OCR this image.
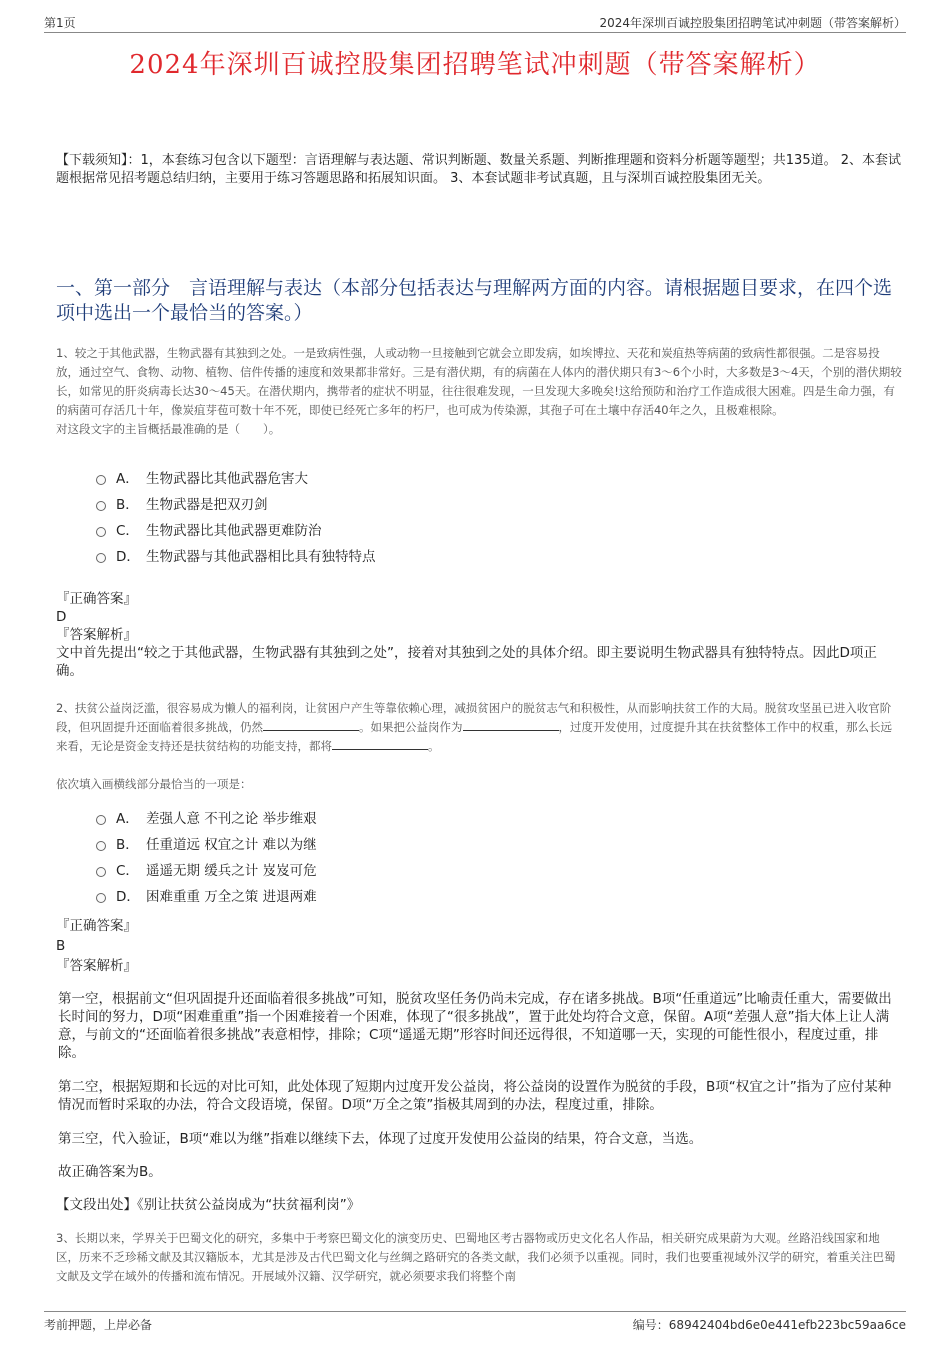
第1页	2024年深圳百诚控股集团招聘笔试冲刺题（带答案解析）
2024年深圳百诚控股集团招聘笔试冲刺题（带答案解析）
【下载须知】：1，本套练习包含以下题型：言语理解与表达题、常识判断题、数量关系题、判断推理题和资料分析题等题型；共135道。 2、本套试题根据常见招考题总结归纳，主要用于练习答题思路和拓展知识面。 3、本套试题非考试真题，且与深圳百诚控股集团无关。
一、第一部分　言语理解与表达（本部分包括表达与理解两方面的内容。请根据题目要求，在四个选项中选出一个最恰当的答案。）
1、较之于其他武器，生物武器有其独到之处。一是致病性强，人或动物一旦接触到它就会立即发病，如埃博拉、天花和炭疽热等病菌的致病性都很强。二是容易投放，通过空气、食物、动物、植物、信件传播的速度和效果都非常好。三是有潜伏期，有的病菌在人体内的潜伏期只有3～6个小时，大多数是3～4天，个别的潜伏期较长，如常见的肝炎病毒长达30～45天。在潜伏期内，携带者的症状不明显，往往很难发现，一旦发现大多晚矣!这给预防和治疗工作造成很大困难。四是生命力强，有的病菌可存活几十年，像炭疽芽苞可数十年不死，即使已经死亡多年的朽尸，也可成为传染源，其孢子可在土壤中存活40年之久，且极难根除。
对这段文字的主旨概括最准确的是（　　）。
A． 生物武器比其他武器危害大
B． 生物武器是把双刃剑
C． 生物武器比其他武器更难防治
D． 生物武器与其他武器相比具有独特特点

『正确答案』

D

『答案解析』

文中首先提出“较之于其他武器，生物武器有其独到之处”，接着对其独到之处的具体介绍。即主要说明生物武器具有独特特点。因此D项正确。

2、扶贫公益岗泛滥，很容易成为懒人的福利岗，让贫困户产生等靠依赖心理，减损贫困户的脱贫志气和积极性，从而影响扶贫工作的大局。脱贫攻坚虽已进入收官阶段，但巩固提升还面临着很多挑战，仍然	。如果把公益岗作为	，过度开发使用，过度提升其在扶贫整体工作中的权重，那么长远来看，无论是资金支持还是扶贫结构的功能支持，都将	。
依次填入画横线部分最恰当的一项是：
A． 差强人意 不刊之论 举步维艰
B． 任重道远 权宜之计 难以为继
C． 遥遥无期 缓兵之计 岌岌可危
D． 困难重重 万全之策 进退两难

『正确答案』

B

『答案解析』

第一空，根据前文“但巩固提升还面临着很多挑战”可知，脱贫攻坚任务仍尚未完成，存在诸多挑战。B项“任重道远”比喻责任重大，需要做出长时间的努力，D项“困难重重”指一个困难接着一个困难，体现了“很多挑战”，置于此处均符合文意，保留。A项“差强人意”指大体上让人满意，与前文的“还面临着很多挑战”表意相悖，排除；C项“遥遥无期”形容时间还远得很，不知道哪一天，实现的可能性很小，程度过重，排除。
第二空，根据短期和长远的对比可知，此处体现了短期内过度开发公益岗，将公益岗的设置作为脱贫的手段，B项“权宜之计”指为了应付某种情况而暂时采取的办法，符合文段语境，保留。D项“万全之策”指极其周到的办法，程度过重，排除。
第三空，代入验证，B项“难以为继”指难以继续下去，体现了过度开发使用公益岗的结果，符合文意，当选。
故正确答案为B。
【文段出处】《别让扶贫公益岗成为“扶贫福利岗”》
3、长期以来，学界关于巴蜀文化的研究，多集中于考察巴蜀文化的演变历史、巴蜀地区考古器物或历史文化名人作品，相关研究成果蔚为大观。丝路沿线国家和地区，历来不乏珍稀文献及其汉籍版本，尤其是涉及古代巴蜀文化与丝绸之路研究的各类文献，我们必须予以重视。同时，我们也要重视域外汉学的研究，着重关注巴蜀文献及文学在域外的传播和流布情况。开展域外汉籍、汉学研究，就必须要求我们将整个南
考前押题，上岸必备	编号：68942404bd6e0e441efb223bc59aa6ce
